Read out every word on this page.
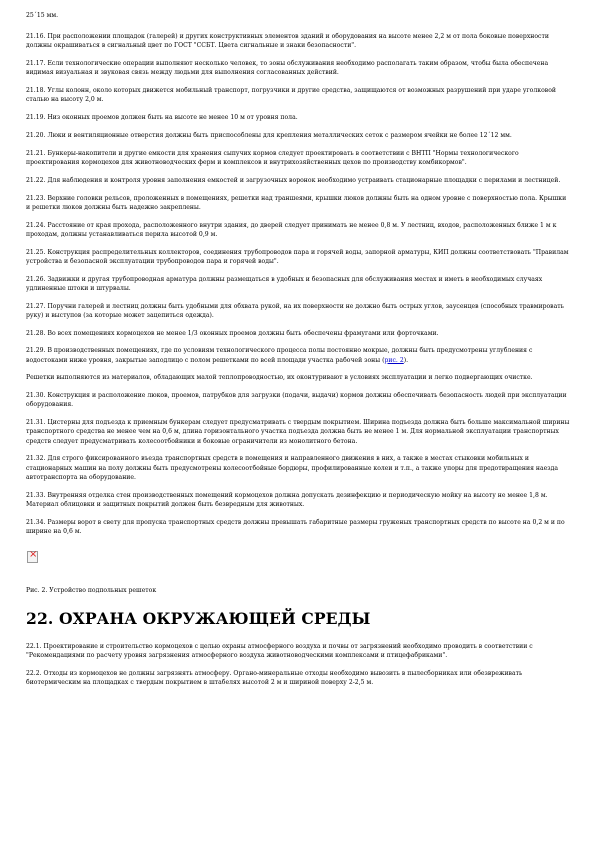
25´15 мм.

21.16. При расположении площадок (галерей) и других конструктивных элементов зданий и оборудования на высоте менее 2,2 м от пола боковые поверхности должны окрашиваться в сигнальный цвет по ГОСТ "ССБТ. Цвета сигнальные и знаки безопасности".

21.17. Если технологические операции выполняют несколько человек, то зоны обслуживания необходимо располагать таким образом, чтобы была обеспечена видимая визуальная и звуковая связь между людьми для выполнения согласованных действий.

21.18. Углы колонн, около которых движется мобильный транспорт, погрузчики и другие средства, защищаются от возможных разрушений при ударе уголковой сталью на высоту 2,0 м.

21.19. Низ оконных проемов должен быть на высоте не менее 10 м от уровня пола.

21.20. Люки и вентиляционные отверстия должны быть приспособлены для крепления металлических сеток с размером ячейки не более 12´12 мм.

21.21. Бункеры-накопители и другие емкости для хранения сыпучих кормов следует проектировать в соответствии с ВНТП "Нормы технологического проектирования кормоцехов для животноводческих ферм и комплексов и внутрихозяйственных цехов по производству комбикормов".

21.22. Для наблюдения и контроля уровня заполнения емкостей и загрузочных воронок необходимо устраивать стационарные площадки с перилами и лестницей.

21.23. Верхние головки рельсов, проложенных в помещениях, решетки над траншеями, крышки люков должны быть на одном уровне с поверхностью пола. Крышки и решетки люков должны быть надежно закреплены.

21.24. Расстояние от края прохода, расположенного внутри здания, до дверей следует принимать не менее 0,8 м. У лестниц, входов, расположенных ближе 1 м к проходам, должны устанавливаться перила высотой 0,9 м.

21.25. Конструкция распределительных коллекторов, соединения трубопроводов пара и горячей воды, запорной арматуры, КИП должны соответствовать "Правилам устройства и безопасной эксплуатации трубопроводов пара и горячей воды".

21.26. Задвижки и другая трубопроводная арматура должны размещаться в удобных и безопасных для обслуживания местах и иметь в необходимых случаях удлиненные штоки и штурвалы.

21.27. Поручни галерей и лестниц должны быть удобными для обхвата рукой, на их поверхности не должно быть острых углов, заусенцев (способных травмировать руку) и выступов (за которые может зацепиться одежда).

21.28. Во всех помещениях кормоцехов не менее 1/3 оконных проемов должны быть обеспечены фрамугами или форточками.

21.29. В производственных помещениях, где по условиям технологического процесса полы постоянно мокрые, должны быть предусмотрены углубления с водостоками ниже уровня, закрытые заподлицо с полом решетками по всей площади участка рабочей зоны (рис. 2).

Решетки выполняются из материалов, обладающих малой теплопроводностью, их оконтуривают в условиях эксплуатации и легко подвергающих очистке.

21.30. Конструкция и расположение люков, проемов, патрубков для загрузки (подачи, выдачи) кормов должны обеспечивать безопасность людей при эксплуатации оборудования.

21.31. Цистерны для подъезда к приемным бункерам следует предусматривать с твердым покрытием. Ширина подъезда должна быть больше максимальной ширины транспортного средства не менее чем на 0,6 м, длина горизонтального участка подъезда должна быть не менее 1 м. Для нормальной эксплуатации транспортных средств следует предусматривать колесоотбойники и боковые ограничители из монолитного бетона.

21.32. Для строго фиксированного въезда транспортных средств в помещения и направленного движения в них, а также в местах стыковки мобильных и стационарных машин на полу должны быть предусмотрены колесоотбойные бордюры, профилированные колеи и т.п., а также упоры для предотвращения наезда автотранспорта на оборудование.

21.33. Внутренняя отделка стен производственных помещений кормоцехов должна допускать дезинфекцию и периодическую мойку на высоту не менее 1,8 м. Материал облицовки и защитных покрытий должен быть безвредным для животных.

21.34. Размеры ворот в свету для пропуска транспортных средств должны превышать габаритные размеры груженых транспортных средств по высоте на 0,2 м и по ширине на 0,6 м.

×
Рис. 2. Устройство подпольных решеток
22. ОХРАНА ОКРУЖАЮЩЕЙ СРЕДЫ

22.1. Проектирование и строительство кормоцехов с целью охраны атмосферного воздуха и почвы от загрязнений необходимо проводить в соответствии с "Рекомендациями по расчету уровня загрязнения атмосферного воздуха животноводческими комплексами и птицефабриками".

22.2. Отходы из кормоцехов не должны загрязнять атмосферу. Органо-минеральные отходы необходимо вывозить в пылесборниках или обезвреживать биотермическим на площадках с твердым покрытием в штабелях высотой 2 м и шириной поверху 2-2,5 м.
